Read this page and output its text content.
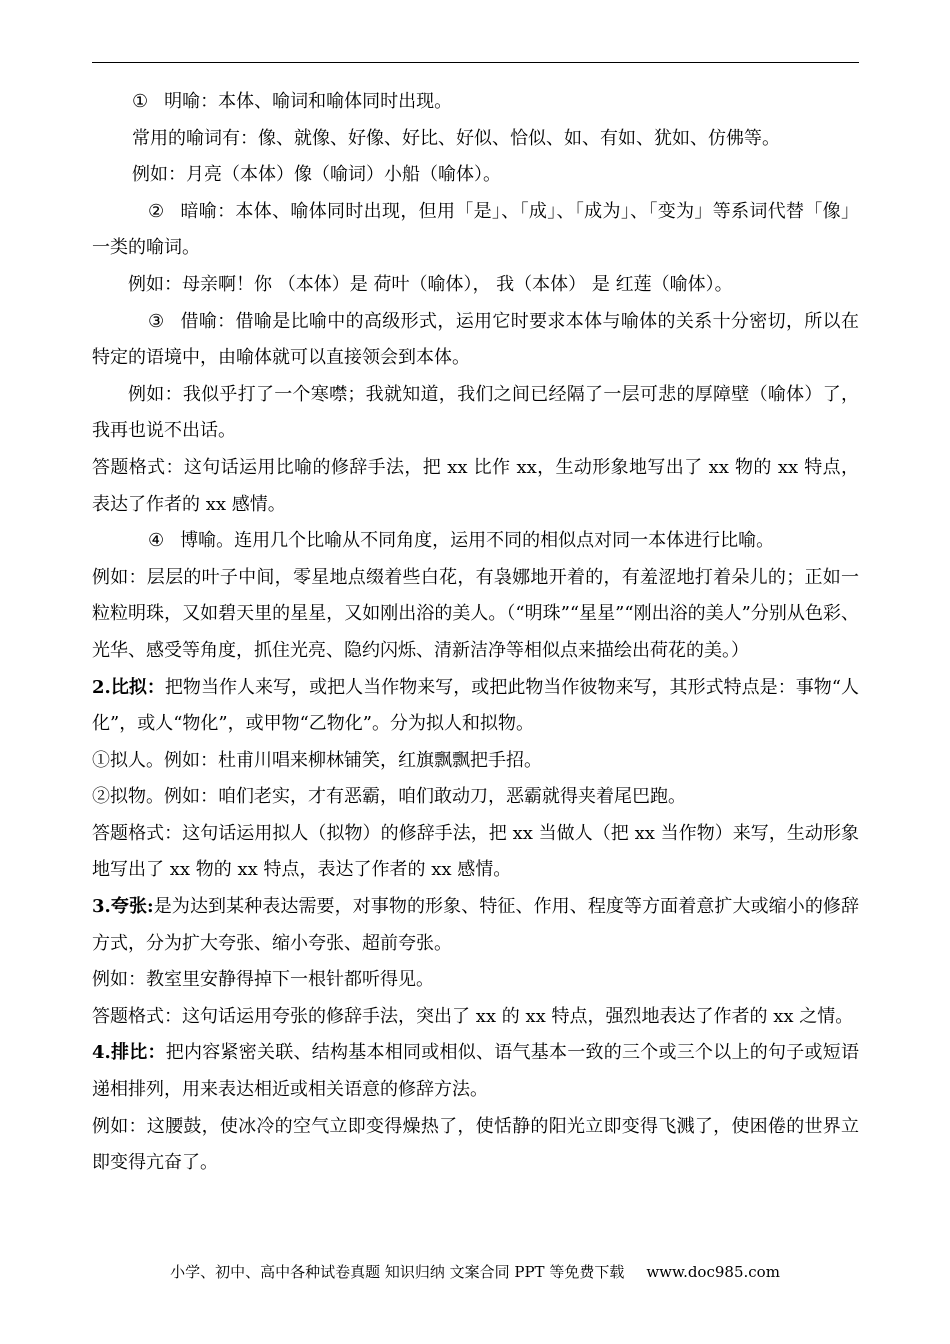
① 明喻：本体、喻词和喻体同时出现。

常用的喻词有：像、就像、好像、好比、好似、恰似、如、有如、犹如、仿佛等。

例如：月亮（本体）像（喻词）小船（喻体）。

② 暗喻：本体、喻体同时出现，但用「是」、「成」、「成为」、「变为」等系词代替「像」一类的喻词。

例如：母亲啊！你 （本体）是 荷叶（喻体）， 我（本体） 是 红莲（喻体）。

③ 借喻：借喻是比喻中的高级形式，运用它时要求本体与喻体的关系十分密切，所以在特定的语境中，由喻体就可以直接领会到本体。

例如：我似乎打了一个寒噤；我就知道，我们之间已经隔了一层可悲的厚障壁（喻体）了，我再也说不出话。

答题格式：这句话运用比喻的修辞手法，把 xx 比作 xx，生动形象地写出了 xx 物的 xx 特点，表达了作者的 xx 感情。

④ 博喻。连用几个比喻从不同角度，运用不同的相似点对同一本体进行比喻。

例如：层层的叶子中间，零星地点缀着些白花，有袅娜地开着的，有羞涩地打着朵儿的；正如一粒粒明珠，又如碧天里的星星，又如刚出浴的美人。（“明珠”“星星”“刚出浴的美人”分别从色彩、光华、感受等角度，抓住光亮、隐约闪烁、清新洁净等相似点来描绘出荷花的美。）

2.比拟：把物当作人来写，或把人当作物来写，或把此物当作彼物来写，其形式特点是：事物“人化”，或人“物化”，或甲物“乙物化”。分为拟人和拟物。

①拟人。例如：杜甫川唱来柳林铺笑，红旗飘飘把手招。

②拟物。例如：咱们老实，才有恶霸，咱们敢动刀，恶霸就得夹着尾巴跑。

答题格式：这句话运用拟人（拟物）的修辞手法，把 xx 当做人（把 xx 当作物）来写，生动形象地写出了 xx 物的 xx 特点，表达了作者的 xx 感情。

3.夸张:是为达到某种表达需要，对事物的形象、特征、作用、程度等方面着意扩大或缩小的修辞方式，分为扩大夸张、缩小夸张、超前夸张。

例如：教室里安静得掉下一根针都听得见。

答题格式：这句话运用夸张的修辞手法，突出了 xx 的 xx 特点，强烈地表达了作者的 xx 之情。

4.排比：把内容紧密关联、结构基本相同或相似、语气基本一致的三个或三个以上的句子或短语递相排列，用来表达相近或相关语意的修辞方法。

例如：这腰鼓，使冰冷的空气立即变得燥热了，使恬静的阳光立即变得飞溅了，使困倦的世界立即变得亢奋了。

小学、初中、高中各种试卷真题 知识归纳 文案合同 PPT 等免费下载 www.doc985.com
